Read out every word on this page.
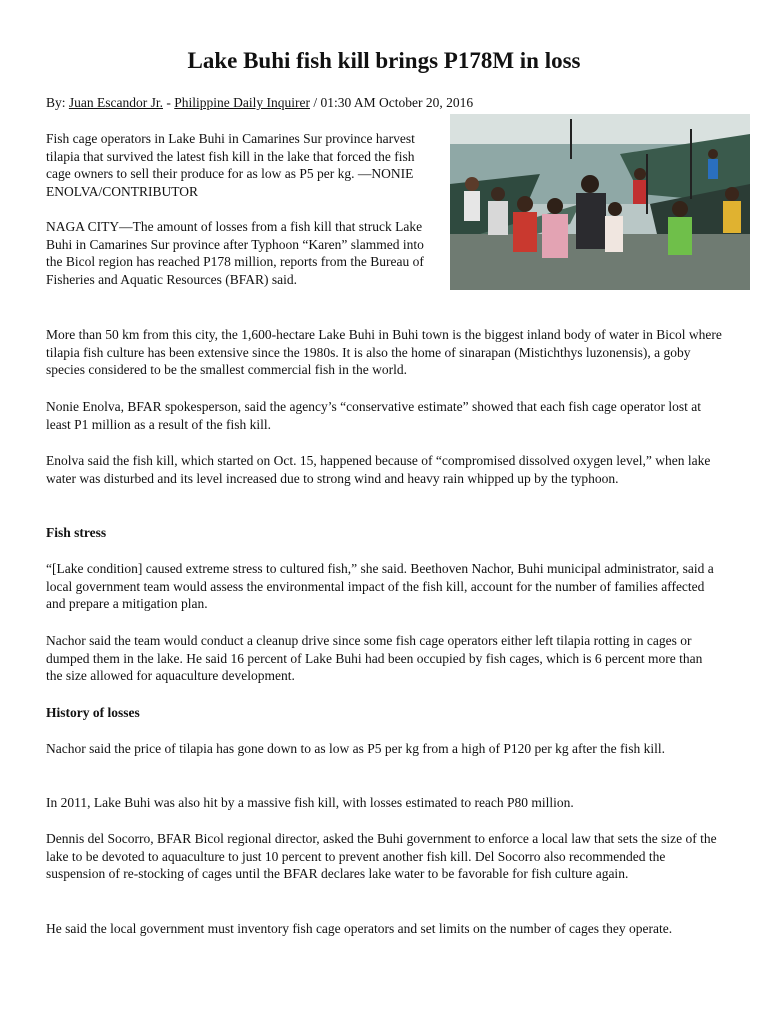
Lake Buhi fish kill brings P178M in loss
By: Juan Escandor Jr. - Philippine Daily Inquirer / 01:30 AM October 20, 2016

Fish cage operators in Lake Buhi in Camarines Sur province harvest tilapia that survived the latest fish kill in the lake that forced the fish cage owners to sell their produce for as low as P5 per kg. —NONIE ENOLVA/CONTRIBUTOR

NAGA CITY—The amount of losses from a fish kill that struck Lake Buhi in Camarines Sur province after Typhoon “Karen” slammed into the Bicol region has reached P178 million, reports from the Bureau of Fisheries and Aquatic Resources (BFAR) said.

More than 50 km from this city, the 1,600-hectare Lake Buhi in Buhi town is the biggest inland body of water in Bicol where tilapia fish culture has been extensive since the 1980s. It is also the home of sinarapan (Mistichthys luzonensis), a goby species considered to be the smallest commercial fish in the world.

Nonie Enolva, BFAR spokesperson, said the agency’s “conservative estimate” showed that each fish cage operator lost at least P1 million as a result of the fish kill.

Enolva said the fish kill, which started on Oct. 15, happened because of “compromised dissolved oxygen level,” when lake water was disturbed and its level increased due to strong wind and heavy rain whipped up by the typhoon.

Fish stress

“[Lake condition] caused extreme stress to cultured fish,” she said. Beethoven Nachor, Buhi municipal administrator, said a local government team would assess the environmental impact of the fish kill, account for the number of families affected and prepare a mitigation plan.

Nachor said the team would conduct a cleanup drive since some fish cage operators either left tilapia rotting in cages or dumped them in the lake. He said 16 percent of Lake Buhi had been occupied by fish cages, which is 6 percent more than the size allowed for aquaculture development.

History of losses

Nachor said the price of tilapia has gone down to as low as P5 per kg from a high of P120 per kg after the fish kill.

In 2011, Lake Buhi was also hit by a massive fish kill, with losses estimated to reach P80 million.

Dennis del Socorro, BFAR Bicol regional director, asked the Buhi government to enforce a local law that sets the size of the lake to be devoted to aquaculture to just 10 percent to prevent another fish kill. Del Socorro also recommended the suspension of re-stocking of cages until the BFAR declares lake water to be favorable for fish culture again.

He said the local government must inventory fish cage operators and set limits on the number of cages they operate.
